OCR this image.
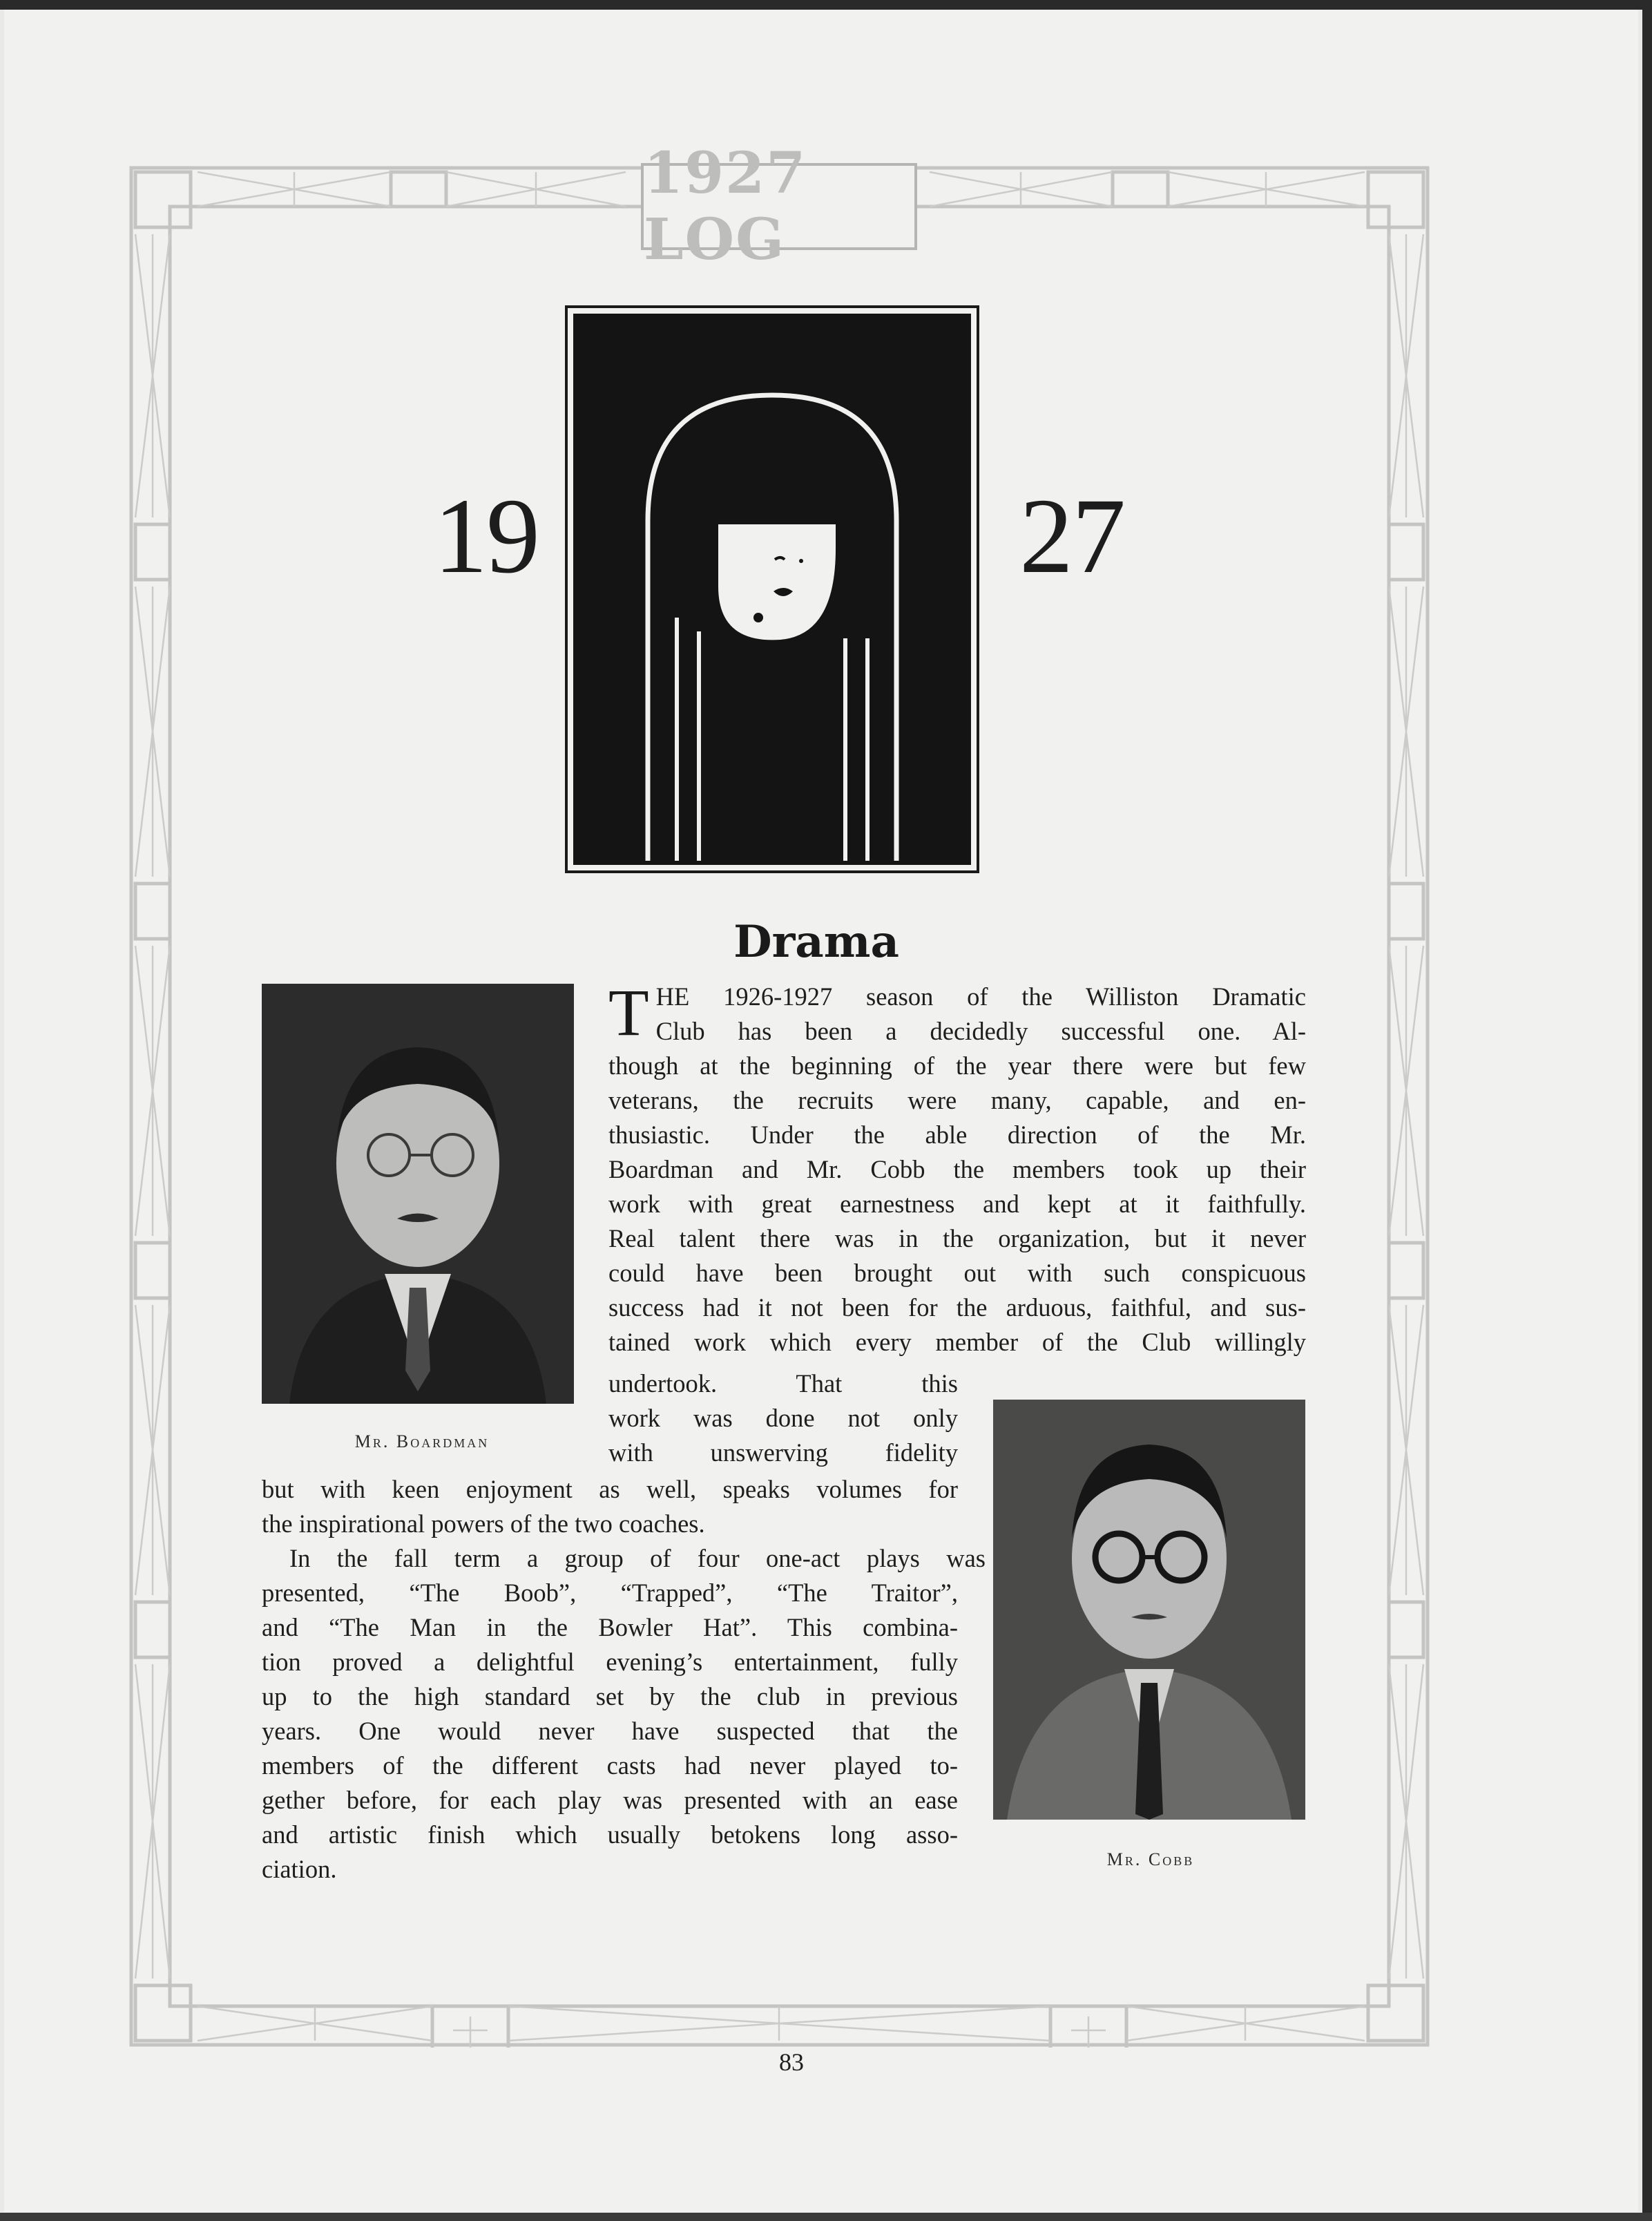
1927 LOG
19	27
Drama
Mr. Boardman
Mr. Cobb
T HE 1926-1927 season of the Williston Dramatic
Club has been a decidedly successful one. Al-
though at the beginning of the year there were but few
veterans, the recruits were many, capable, and en-
thusiastic. Under the able direction of the Mr.
Boardman and Mr. Cobb the members took up their
work with great earnestness and kept at it faithfully.
Real talent there was in the organization, but it never
could have been brought out with such conspicuous
success had it not been for the arduous, faithful, and sus-
tained work which every member of the Club willingly
undertook. That this
work was done not only
with unswerving fidelity
but with keen enjoyment as well, speaks volumes for
the inspirational powers of the two coaches.
In the fall term a group of four one-act plays was
presented, “The Boob”, “Trapped”, “The Traitor”,
and “The Man in the Bowler Hat”. This combina-
tion proved a delightful evening’s entertainment, fully
up to the high standard set by the club in previous
years. One would never have suspected that the
members of the different casts had never played to-
gether before, for each play was presented with an ease
and artistic finish which usually betokens long asso-
ciation.
83
